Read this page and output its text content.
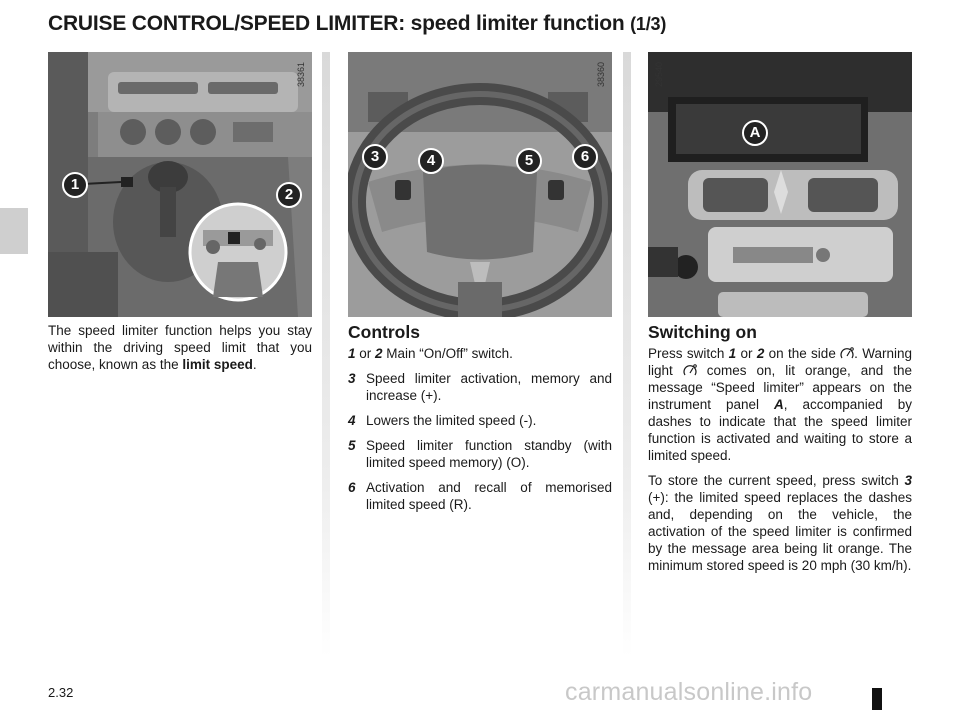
CRUISE CONTROL/SPEED LIMITER: speed limiter function (1/3)
1
2
38361
3	4	5	6
38360
A
29540

The speed limiter function helps you stay within the driving speed limit that you choose, known as the limit speed.

Controls
1 or 2 Main “On/Off” switch.
3 Speed limiter activation, memory and increase (+).
4 Lowers the limited speed (-).
5 Speed limiter function standby (with limited speed memory) (O).
6 Activation and recall of memorised limited speed (R).
Switching on

Press switch 1 or 2 on the side . Warning light  comes on, lit orange, and the message “Speed limiter” appears on the instrument panel A, accompanied by dashes to indicate that the speed limiter function is activated and waiting to store a limited speed.

To store the current speed, press switch 3 (+): the limited speed replaces the dashes and, depending on the vehicle, the activation of the speed limiter is confirmed by the message area being lit orange. The minimum stored speed is 20 mph (30 km/h).

2.32	carmanualsonline.info
